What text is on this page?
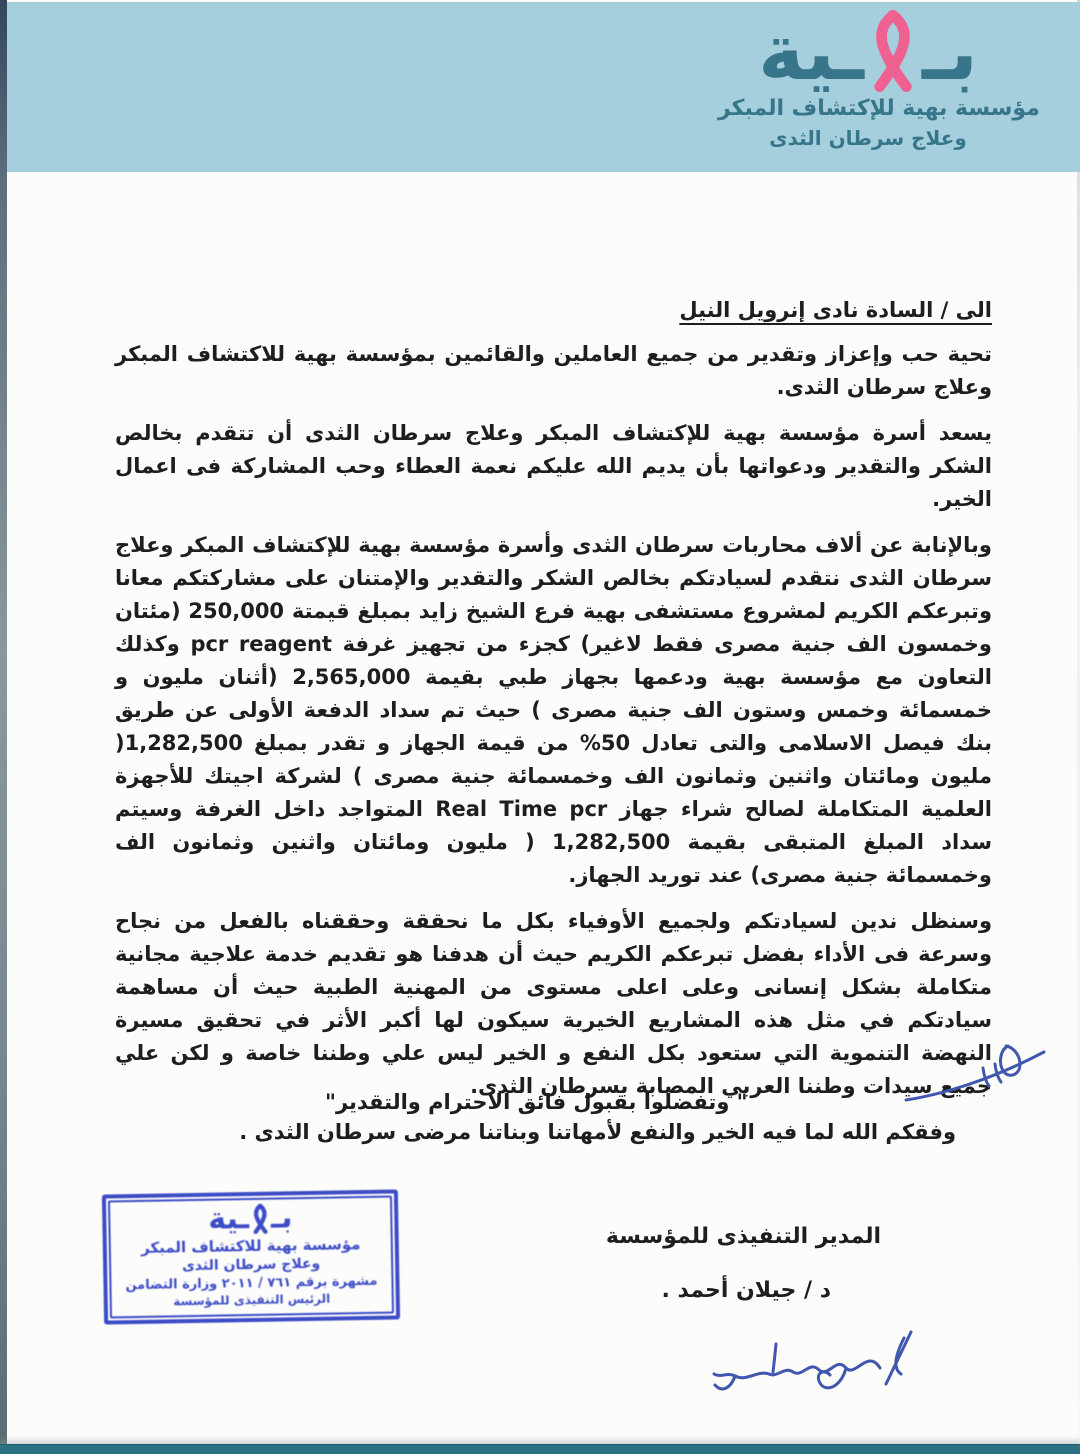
بـ
ـية
مؤسسة بهية للإكتشاف المبكر
وعلاج سرطان الثدى
الى / السادة نادى إنرويل النيل

تحية حب وإعزاز وتقدير من جميع العاملين والقائمين بمؤسسة بهية للاكتشاف المبكر وعلاج سرطان الثدى.

يسعد أسرة مؤسسة بهية للإكتشاف المبكر وعلاج سرطان الثدى أن تتقدم بخالص الشكر والتقدير ودعواتها بأن يديم الله عليكم نعمة العطاء وحب المشاركة فى اعمال الخير.

وبالإنابة عن ألاف محاربات سرطان الثدى وأسرة مؤسسة بهية للإكتشاف المبكر وعلاج سرطان الثدى نتقدم لسيادتكم بخالص الشكر والتقدير والإمتنان على مشاركتكم معانا وتبرعكم الكريم لمشروع مستشفى بهية فرع الشيخ زايد بمبلغ قيمتة 250,000 (مئتان وخمسون الف جنية مصرى فقط لاغير) كجزء من تجهيز غرفة pcr reagent وكذلك التعاون مع مؤسسة بهية ودعمها بجهاز طبي بقيمة 2,565,000 (أثنان مليون و خمسمائة وخمس وستون الف جنية مصرى ) حيث تم سداد الدفعة الأولى عن طريق بنك فيصل الاسلامى والتى تعادل 50% من قيمة الجهاز و تقدر بمبلغ 1,282,500( مليون ومائتان واثنين وثمانون الف وخمسمائة جنية مصرى ) لشركة اجيتك للأجهزة العلمية المتكاملة لصالح شراء جهاز Real Time pcr المتواجد داخل الغرفة وسيتم سداد المبلغ المتبقى بقيمة 1,282,500 ( مليون ومائتان واثنين وثمانون الف وخمسمائة جنية مصرى) عند توريد الجهاز.

وسنظل ندين لسيادتكم ولجميع الأوفياء بكل ما نحققة وحققناه بالفعل من نجاح وسرعة فى الأداء بفضل تبرعكم الكريم حيث أن هدفنا هو تقديم خدمة علاجية مجانية متكاملة بشكل إنسانى وعلى اعلى مستوى من المهنية الطبية حيث أن مساهمة سيادتكم في مثل هذه المشاريع الخيرية سيكون لها أكبر الأثر في تحقيق مسيرة النهضة التنموية التي ستعود بكل النفع و الخير ليس علي وطننا خاصة و لكن علي جميع سيدات وطننا العربي المصابة بسرطان الثدى.

وفقكم الله لما فيه الخير والنفع لأمهاتنا وبناتنا مرضى سرطان الثدى .

" وتفضلوا بقبول فائق الاحترام والتقدير"
بـ
ـية
مؤسسة بهية للاكتشاف المبكر
وعلاج سرطان الثدى
مشهرة برقم ٧٦١ / ٢٠١١ وزارة التضامن
الرئيس التنفيذى للمؤسسة
المدير التنفيذى للمؤسسة
د / جيلان أحمد .
